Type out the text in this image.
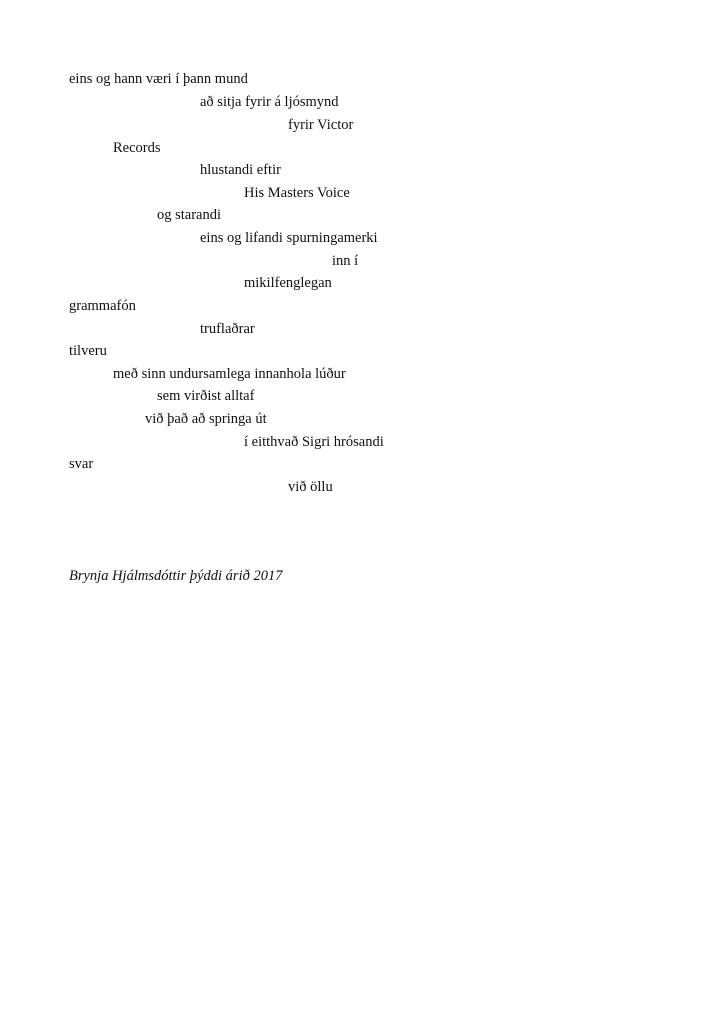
eins og hann væri í þann mund
að sitja fyrir á ljósmynd
fyrir Victor
Records
hlustandi eftir
His Masters Voice
og starandi
eins og lifandi spurningamerki
inn í
mikilfenglegan
grammafón
truflaðrar
tilveru
með sinn undursamlega innanhola lúður
sem virðist alltaf
við það að springa út
í eitthvað Sigri hrósandi
svar
við öllu
Brynja Hjálmsdóttir þýddi árið 2017
